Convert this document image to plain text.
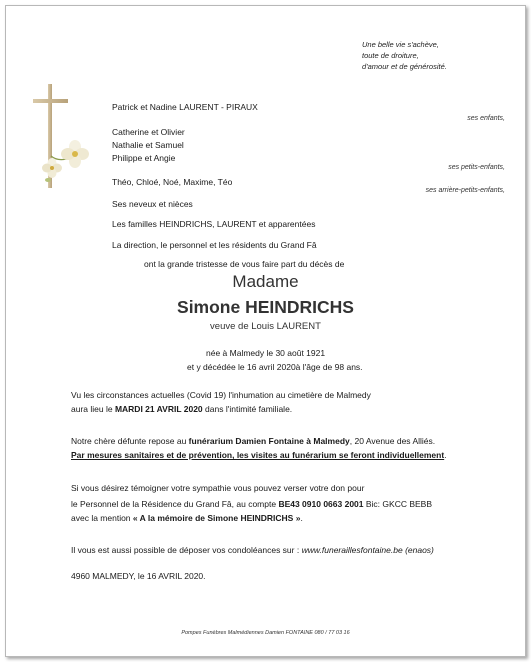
Une belle vie s'achève,
toute de droiture,
d'amour et de générosité.
Patrick et Nadine LAURENT - PIRAUX
ses enfants,
Catherine et Olivier
Nathalie et Samuel
Philippe et Angie
ses petits-enfants,
Théo, Chloé, Noé, Maxime, Téo
ses arrière-petits-enfants,
Ses neveux et nièces
Les familles HEINDRICHS, LAURENT et apparentées
La direction, le personnel et les résidents du Grand Fâ
ont la grande tristesse de vous faire part du décès de
Madame
Simone HEINDRICHS
veuve de Louis LAURENT
née à Malmedy le 30 août 1921
et y décédée le 16 avril 2020à l'âge de 98 ans.
Vu les circonstances actuelles (Covid 19) l'inhumation au cimetière de Malmedy
aura lieu le MARDI 21 AVRIL 2020 dans l'intimité familiale.
Notre chère défunte repose au funérarium Damien Fontaine à Malmedy, 20 Avenue des Alliés.
Par mesures sanitaires et de prévention, les visites au funérarium se feront individuellement.
Si vous désirez témoigner votre sympathie vous pouvez verser votre don pour
le Personnel de la Résidence du Grand Fâ, au compte BE43 0910 0663 2001 Bic: GKCC BEBB
avec la mention « A la mémoire de Simone HEINDRICHS ».
Il vous est aussi possible de déposer vos condoléances sur : www.funeraillesfontaine.be (enaos)
4960 MALMEDY, le 16 AVRIL 2020.
Pompes Funèbres Malmédiennes Damien FONTAINE 080 / 77 03 16
